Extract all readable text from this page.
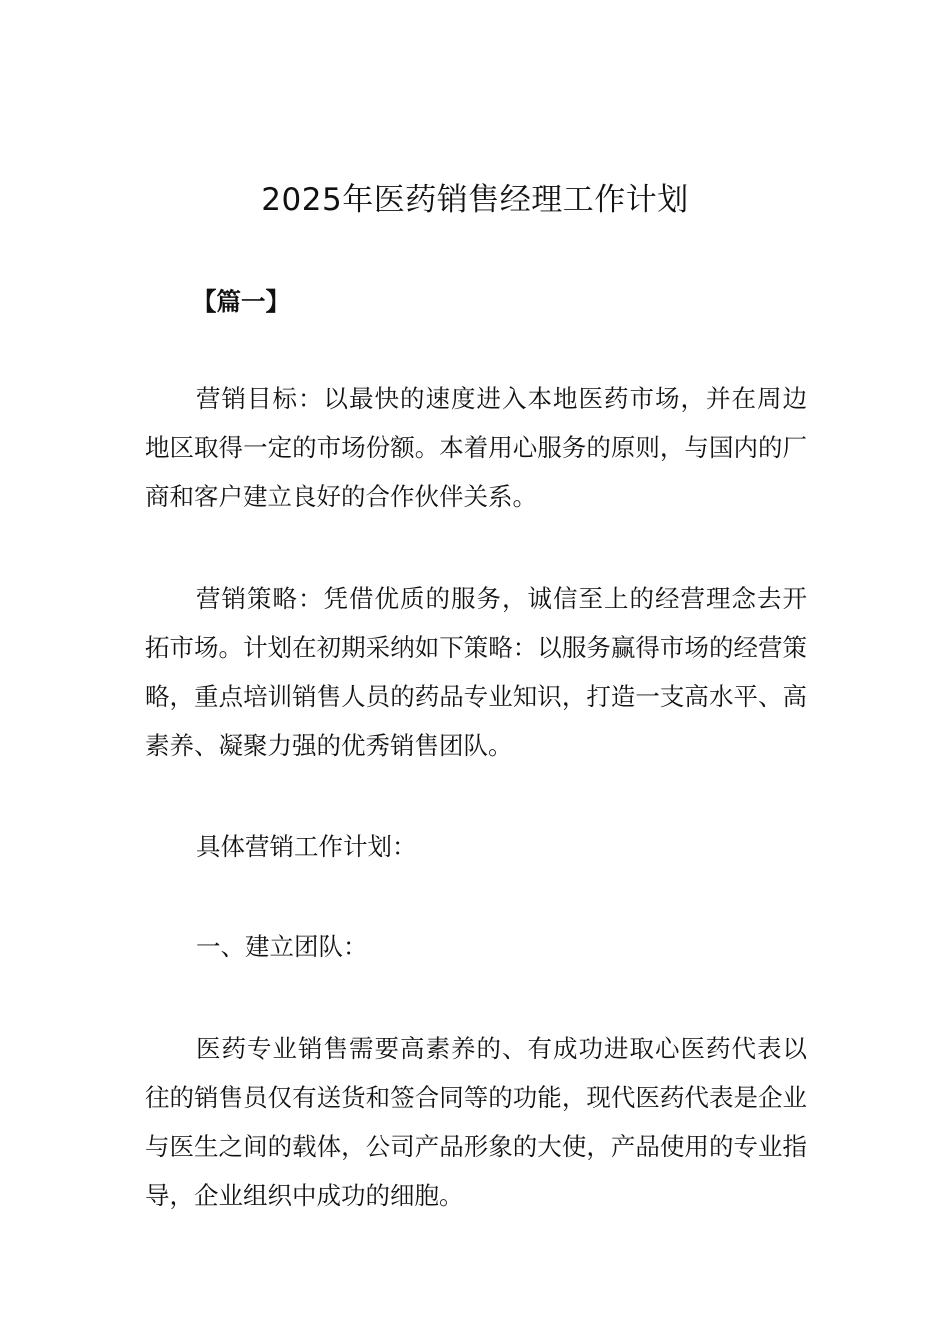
2025年医药销售经理工作计划

【篇一】

营销目标：以最快的速度进入本地医药市场，并在周边地区取得一定的市场份额。本着用心服务的原则，与国内的厂商和客户建立良好的合作伙伴关系。

营销策略：凭借优质的服务，诚信至上的经营理念去开拓市场。计划在初期采纳如下策略：以服务赢得市场的经营策略，重点培训销售人员的药品专业知识，打造一支高水平、高素养、凝聚力强的优秀销售团队。

具体营销工作计划：

一、建立团队：

医药专业销售需要高素养的、有成功进取心医药代表以往的销售员仅有送货和签合同等的功能，现代医药代表是企业与医生之间的载体，公司产品形象的大使，产品使用的专业指导，企业组织中成功的细胞。
